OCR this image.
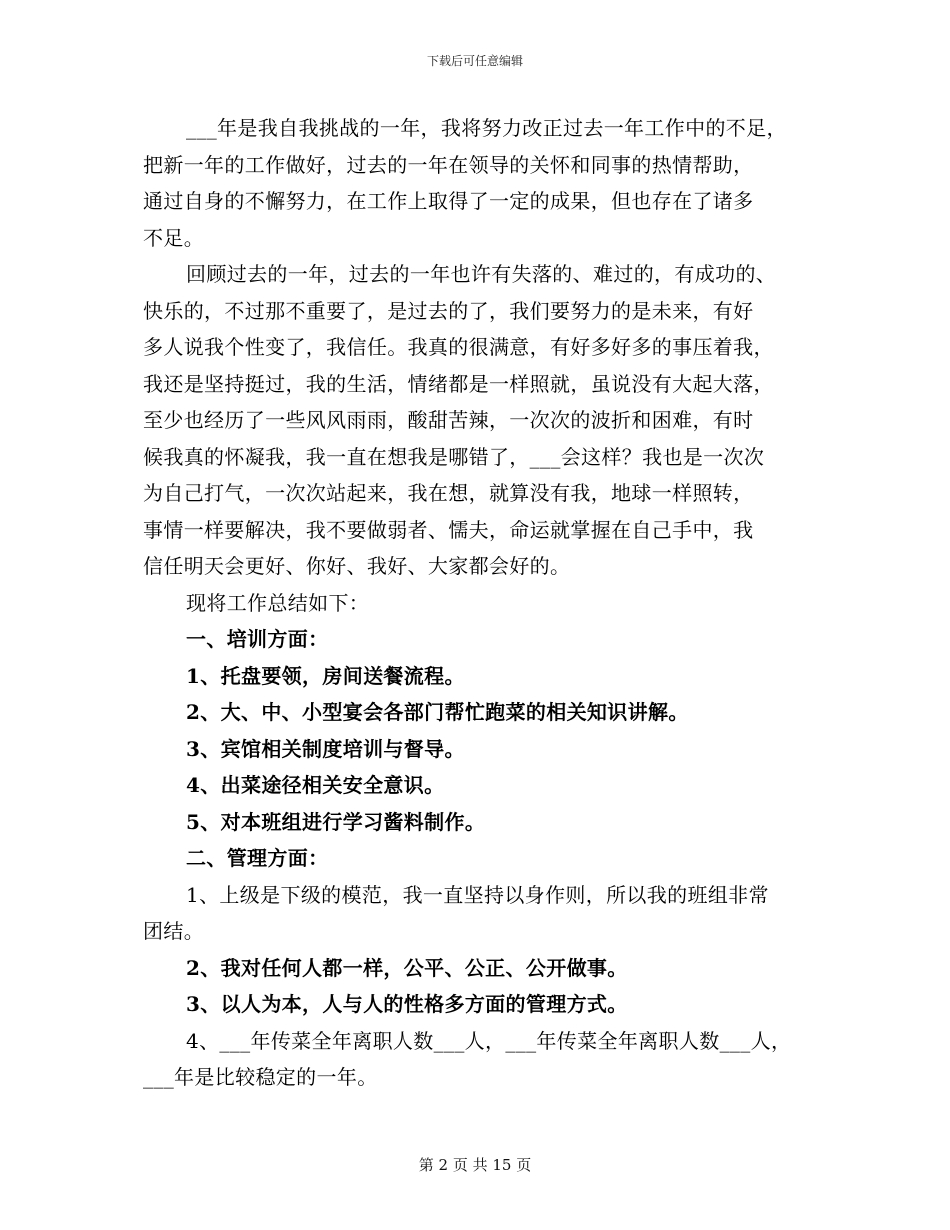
下载后可任意编辑
___年是我自我挑战的一年，我将努力改正过去一年工作中的不足，
把新一年的工作做好，过去的一年在领导的关怀和同事的热情帮助，
通过自身的不懈努力，在工作上取得了一定的成果，但也存在了诸多
不足。
回顾过去的一年，过去的一年也许有失落的、难过的，有成功的、
快乐的，不过那不重要了，是过去的了，我们要努力的是未来，有好
多人说我个性变了，我信任。我真的很满意，有好多好多的事压着我，
我还是坚持挺过，我的生活，情绪都是一样照就，虽说没有大起大落，
至少也经历了一些风风雨雨，酸甜苦辣，一次次的波折和困难，有时
候我真的怀凝我，我一直在想我是哪错了，___会这样？我也是一次次
为自己打气，一次次站起来，我在想，就算没有我，地球一样照转，
事情一样要解决，我不要做弱者、懦夫，命运就掌握在自己手中，我
信任明天会更好、你好、我好、大家都会好的。
现将工作总结如下：
一、培训方面：
1、托盘要领，房间送餐流程。
2、大、中、小型宴会各部门帮忙跑菜的相关知识讲解。
3、宾馆相关制度培训与督导。
4、出菜途径相关安全意识。
5、对本班组进行学习酱料制作。
二、管理方面：
1、上级是下级的模范，我一直坚持以身作则，所以我的班组非常
团结。
2、我对任何人都一样，公平、公正、公开做事。
3、以人为本，人与人的性格多方面的管理方式。
4、___年传菜全年离职人数___人，___年传菜全年离职人数___人，
___年是比较稳定的一年。
第 2 页 共 15 页
